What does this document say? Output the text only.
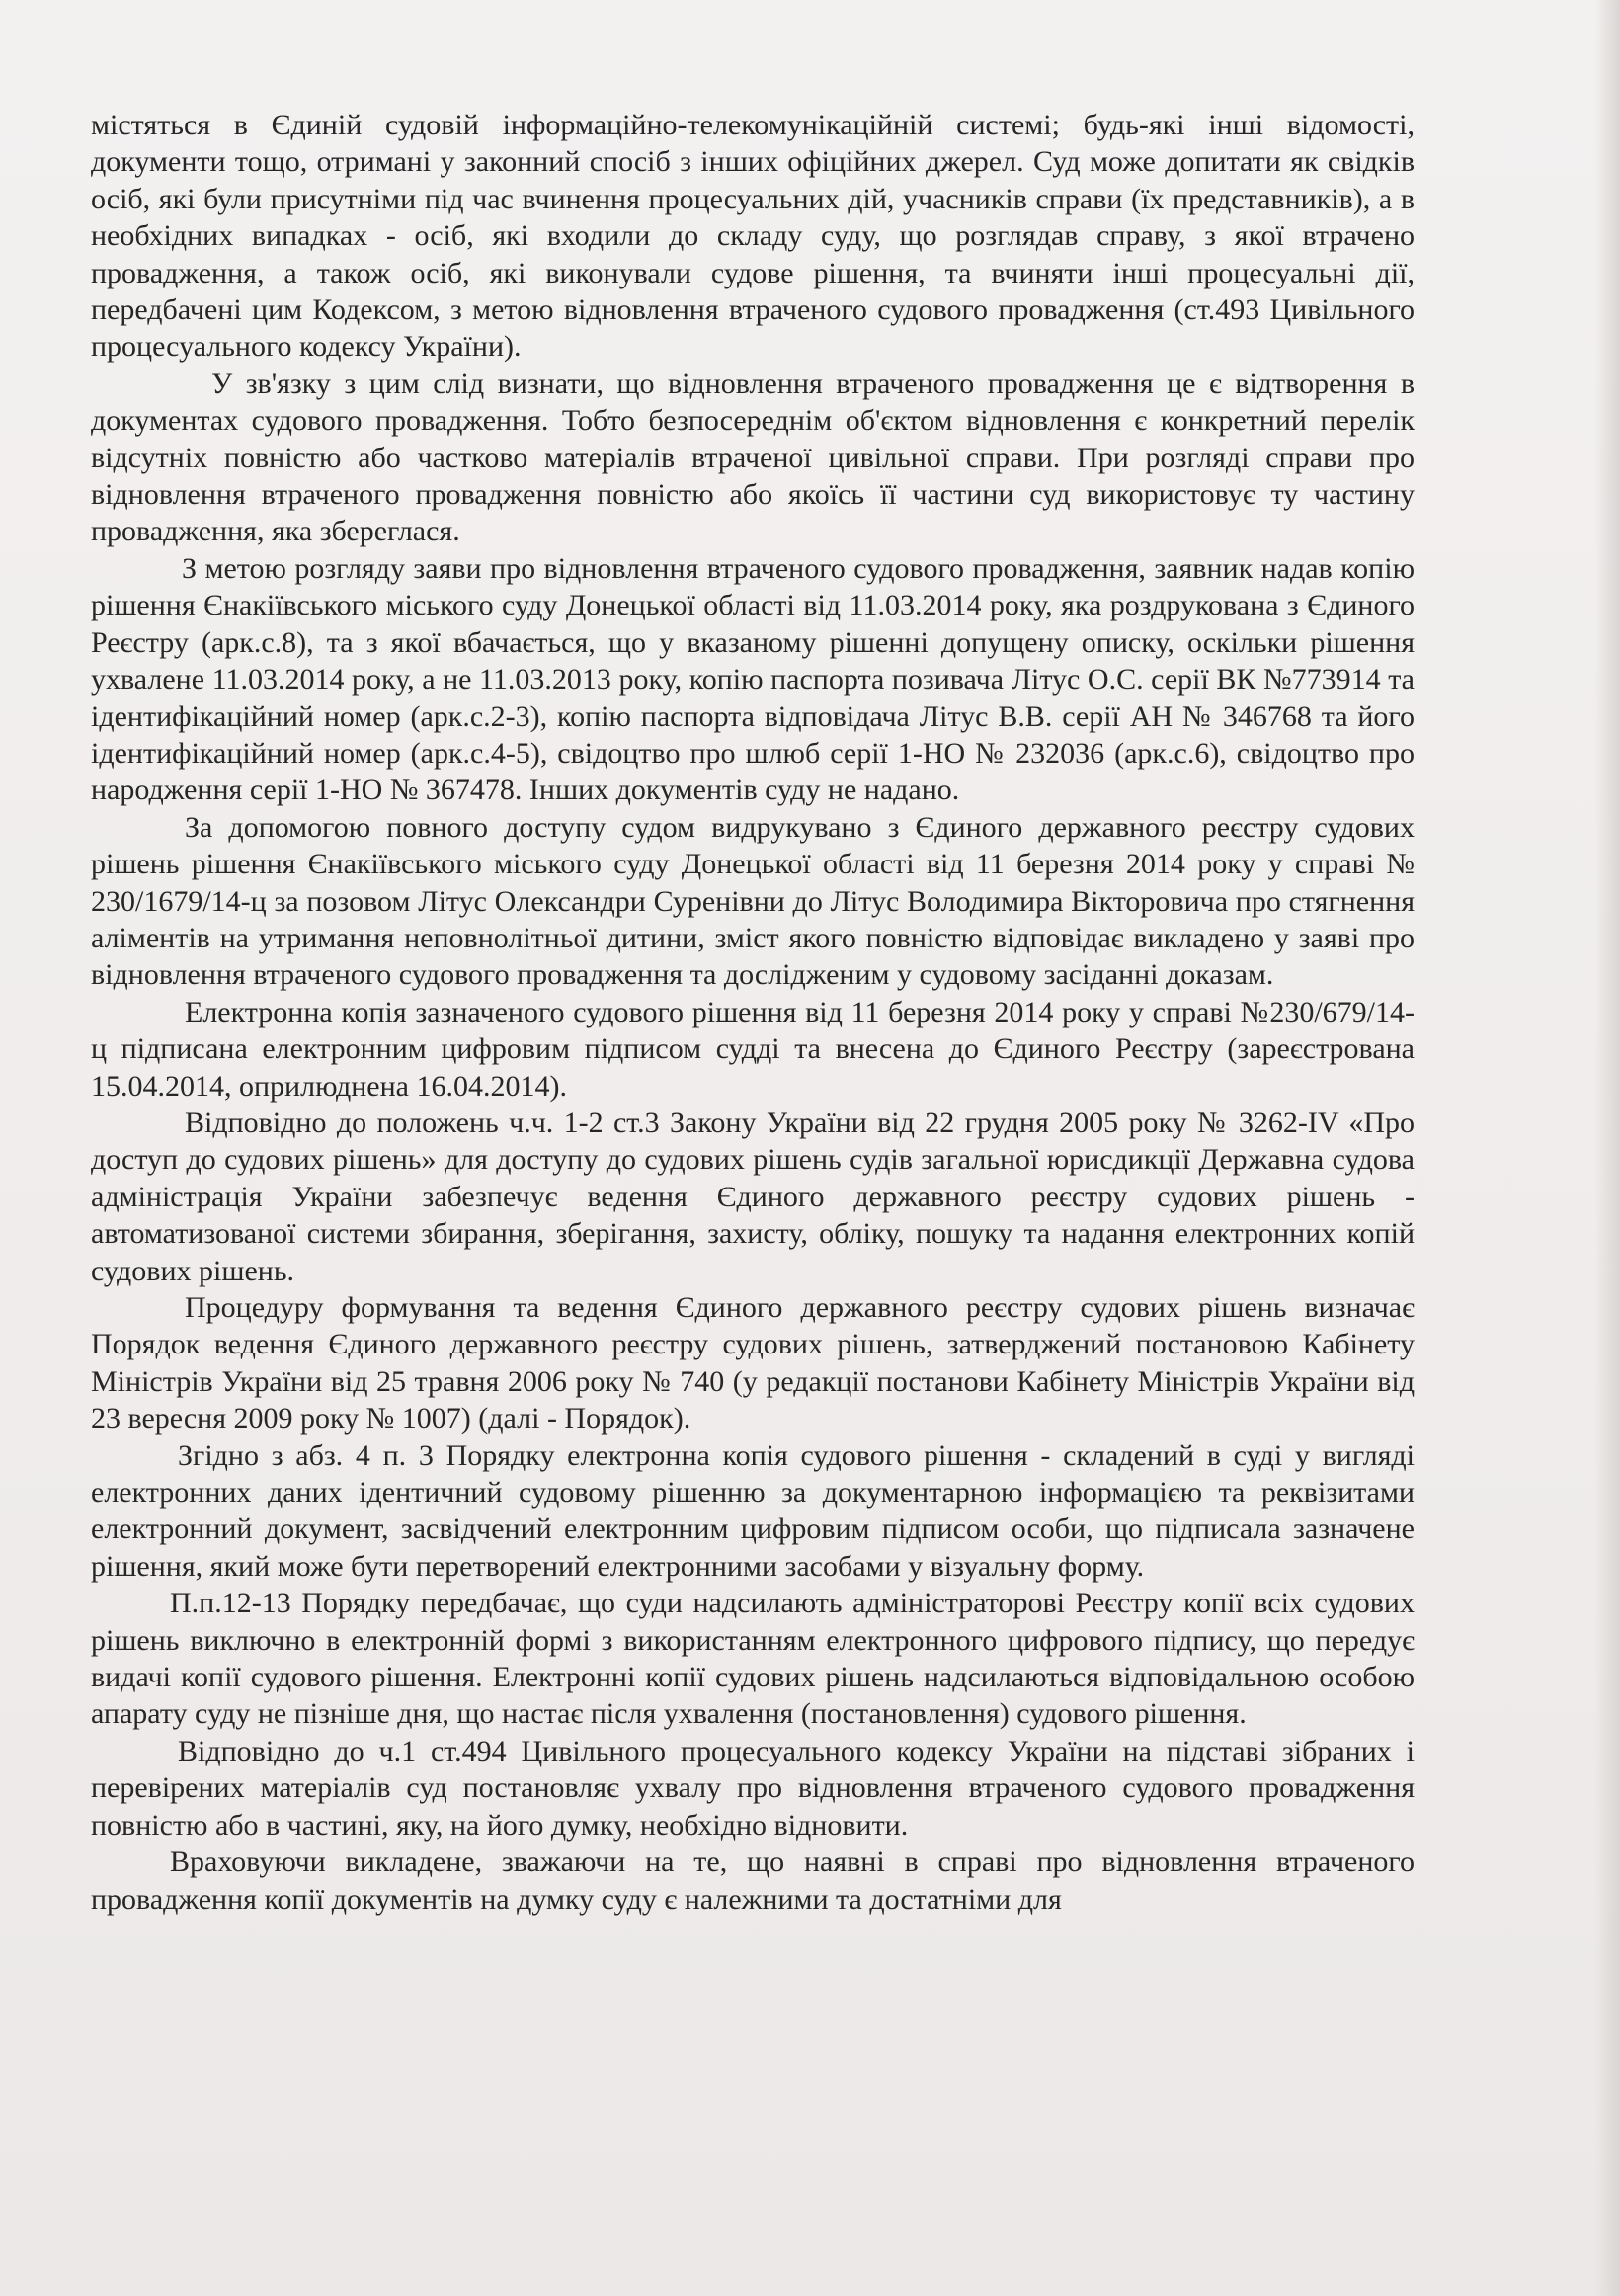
містяться в Єдиній судовій інформаційно-телекомунікаційній системі; будь-які інші відомості, документи тощо, отримані у законний спосіб з інших офіційних джерел. Суд може допитати як свідків осіб, які були присутніми під час вчинення процесуальних дій, учасників справи (їх представників), а в необхідних випадках - осіб, які входили до складу суду, що розглядав справу, з якої втрачено провадження, а також осіб, які виконували судове рішення, та вчиняти інші процесуальні дії, передбачені цим Кодексом, з метою відновлення втраченого судового провадження (ст.493 Цивільного процесуального кодексу України).

У зв'язку з цим слід визнати, що відновлення втраченого провадження це є відтворення в документах судового провадження. Тобто безпосереднім об'єктом відновлення є конкретний перелік відсутніх повністю або частково матеріалів втраченої цивільної справи. При розгляді справи про відновлення втраченого провадження повністю або якоїсь її частини суд використовує ту частину провадження, яка збереглася.

З метою розгляду заяви про відновлення втраченого судового провадження, заявник надав копію рішення Єнакіївського міського суду Донецької області від 11.03.2014 року, яка роздрукована з Єдиного Реєстру (арк.с.8), та з якої вбачається, що у вказаному рішенні допущену описку, оскільки рішення ухвалене 11.03.2014 року, а не 11.03.2013 року, копію паспорта позивача Літус О.С. серії ВК №773914 та ідентифікаційний номер (арк.с.2-3), копію паспорта відповідача Літус В.В. серії АН № 346768 та його ідентифікаційний номер (арк.с.4-5), свідоцтво про шлюб серії 1-НО № 232036 (арк.с.6), свідоцтво про народження серії 1-НО № 367478. Інших документів суду не надано.

За допомогою повного доступу судом видрукувано з Єдиного державного реєстру судових рішень рішення Єнакіївського міського суду Донецької області від 11 березня 2014 року у справі № 230/1679/14-ц за позовом Літус Олександри Суренівни до Літус Володимира Вікторовича про стягнення аліментів на утримання неповнолітньої дитини, зміст якого повністю відповідає викладено у заяві про відновлення втраченого судового провадження та дослідженим у судовому засіданні доказам.

Електронна копія зазначеного судового рішення від 11 березня 2014 року у справі №230/679/14-ц підписана електронним цифровим підписом судді та внесена до Єдиного Реєстру (зареєстрована 15.04.2014, оприлюднена 16.04.2014).

Відповідно до положень ч.ч. 1-2 ст.3 Закону України від 22 грудня 2005 року № 3262-IV «Про доступ до судових рішень» для доступу до судових рішень судів загальної юрисдикції Державна судова адміністрація України забезпечує ведення Єдиного державного реєстру судових рішень - автоматизованої системи збирання, зберігання, захисту, обліку, пошуку та надання електронних копій судових рішень.

Процедуру формування та ведення Єдиного державного реєстру судових рішень визначає Порядок ведення Єдиного державного реєстру судових рішень, затверджений постановою Кабінету Міністрів України від 25 травня 2006 року № 740 (у редакції постанови Кабінету Міністрів України від 23 вересня 2009 року № 1007) (далі - Порядок).

Згідно з абз. 4 п. 3 Порядку електронна копія судового рішення - складений в суді у вигляді електронних даних ідентичний судовому рішенню за документарною інформацією та реквізитами електронний документ, засвідчений електронним цифровим підписом особи, що підписала зазначене рішення, який може бути перетворений електронними засобами у візуальну форму.

П.п.12-13 Порядку передбачає, що суди надсилають адміністраторові Реєстру копії всіх судових рішень виключно в електронній формі з використанням електронного цифрового підпису, що передує видачі копії судового рішення. Електронні копії судових рішень надсилаються відповідальною особою апарату суду не пізніше дня, що настає після ухвалення (постановлення) судового рішення.

Відповідно до ч.1 ст.494 Цивільного процесуального кодексу України на підставі зібраних і перевірених матеріалів суд постановляє ухвалу про відновлення втраченого судового провадження повністю або в частині, яку, на його думку, необхідно відновити.

Враховуючи викладене, зважаючи на те, що наявні в справі про відновлення втраченого провадження копії документів на думку суду є належними та достатніми для
